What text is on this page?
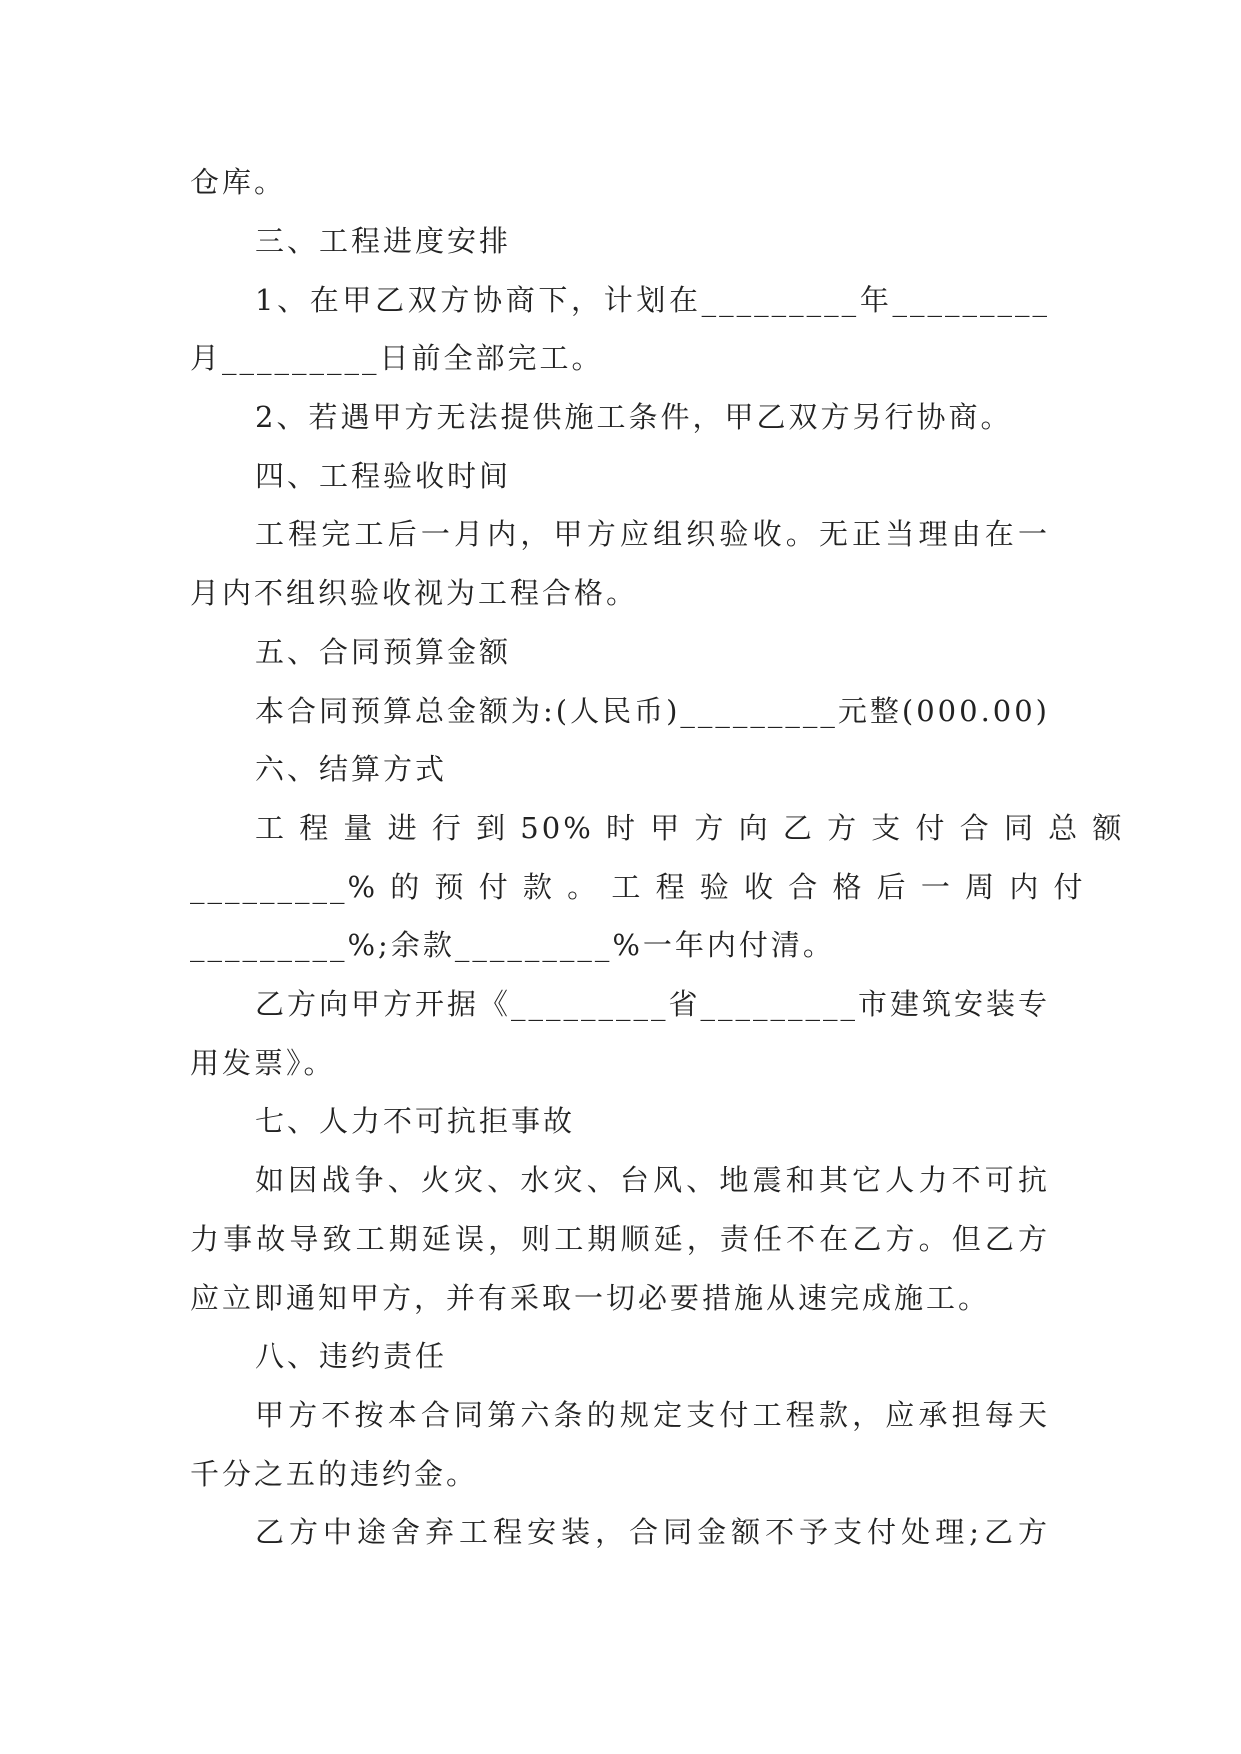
仓库。
三、工程进度安排
1、在甲乙双方协商下，计划在_________年_________
月_________日前全部完工。
2、若遇甲方无法提供施工条件，甲乙双方另行协商。
四、工程验收时间
工程完工后一月内，甲方应组织验收。无正当理由在一
月内不组织验收视为工程合格。
五、合同预算金额
本合同预算总金额为:(人民币)_________元整(000.00)
六、结算方式
工 程 量 进 行 到 50% 时 甲 方 向 乙 方 支 付 合 同 总 额
_________% 的 预 付 款 。 工 程 验 收 合 格 后 一 周 内 付
_________%;余款_________%一年内付清。
乙方向甲方开据《_________省_________市建筑安装专
用发票》。
七、人力不可抗拒事故
如因战争、火灾、水灾、台风、地震和其它人力不可抗
力事故导致工期延误，则工期顺延，责任不在乙方。但乙方
应立即通知甲方，并有采取一切必要措施从速完成施工。
八、违约责任
甲方不按本合同第六条的规定支付工程款，应承担每天
千分之五的违约金。
乙方中途舍弃工程安装，合同金额不予支付处理;乙方
